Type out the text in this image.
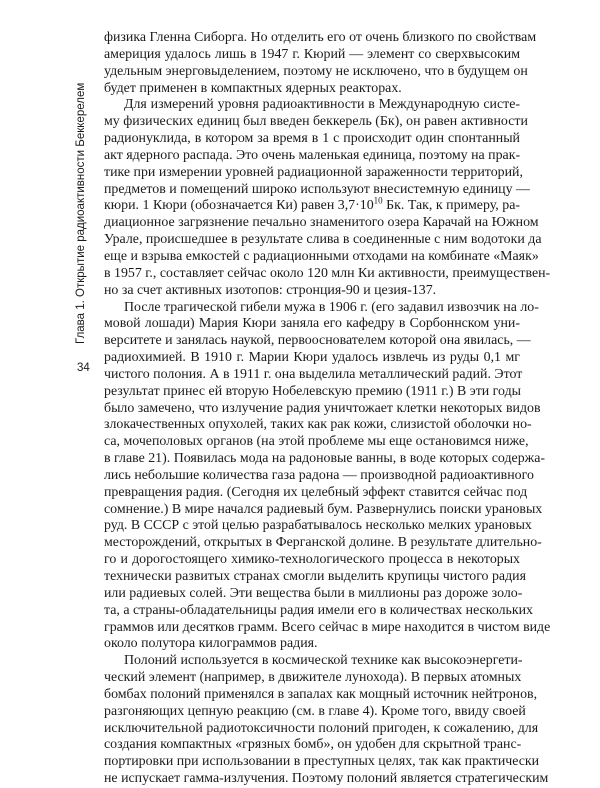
Глава 1. Открытие радиоактивности Беккерелем
34
физика Гленна Сиборга. Но отделить его от очень близкого по свойствам
америция удалось лишь в 1947 г. Кюрий — элемент со сверхвысоким
удельным энерговыделением, поэтому не исключено, что в будущем он
будет применен в компактных ядерных реакторах.
Для измерений уровня радиоактивности в Международную систе-
му физических единиц был введен беккерель (Бк), он равен активности
радионуклида, в котором за время в 1 с происходит один спонтанный
акт ядерного распада. Это очень маленькая единица, поэтому на прак-
тике при измерении уровней радиационной зараженности территорий,
предметов и помещений широко используют внесистемную единицу —
кюри. 1 Кюри (обозначается Ки) равен $3,7\cdot 10^{10}$ Бк. Так, к примеру, ра-
диационное загрязнение печально знаменитого озера Карачай на Южном
Урале, происшедшее в результате слива в соединенные с ним водотоки да
еще и взрыва емкостей с радиационными отходами на комбинате «Маяк»
в 1957 г., составляет сейчас около 120 млн Ки активности, преимуществен-
но за счет активных изотопов: стронция-90 и цезия-137.
После трагической гибели мужа в 1906 г. (его задавил извозчик на ло-
мовой лошади) Мария Кюри заняла его кафедру в Сорбоннском уни-
верситете и занялась наукой, первооснователем которой она явилась, —
радиохимией. В 1910 г. Марии Кюри удалось извлечь из руды 0,1 мг
чистого полония. А в 1911 г. она выделила металлический радий. Этот
результат принес ей вторую Нобелевскую премию (1911 г.) В эти годы
было замечено, что излучение радия уничтожает клетки некоторых видов
злокачественных опухолей, таких как рак кожи, слизистой оболочки но-
са, мочеполовых органов (на этой проблеме мы еще остановимся ниже,
в главе 21). Появилась мода на радоновые ванны, в воде которых содержа-
лись небольшие количества газа радона — производной радиоактивного
превращения радия. (Сегодня их целебный эффект ставится сейчас под
сомнение.) В мире начался радиевый бум. Развернулись поиски урановых
руд. В СССР с этой целью разрабатывалось несколько мелких урановых
месторождений, открытых в Ферганской долине. В результате длительно-
го и дорогостоящего химико-технологического процесса в некоторых
технически развитых странах смогли выделить крупицы чистого радия
или радиевых солей. Эти вещества были в миллионы раз дороже золо-
та, а страны-обладательницы радия имели его в количествах нескольких
граммов или десятков грамм. Всего сейчас в мире находится в чистом виде
около полутора килограммов радия.
Полоний используется в космической технике как высокоэнергети-
ческий элемент (например, в движителе лунохода). В первых атомных
бомбах полоний применялся в запалах как мощный источник нейтронов,
разгоняющих цепную реакцию (см. в главе 4). Кроме того, ввиду своей
исключительной радиотоксичности полоний пригоден, к сожалению, для
создания компактных «грязных бомб», он удобен для скрытной транс-
портировки при использовании в преступных целях, так как практически
не испускает гамма-излучения. Поэтому полоний является стратегическим
